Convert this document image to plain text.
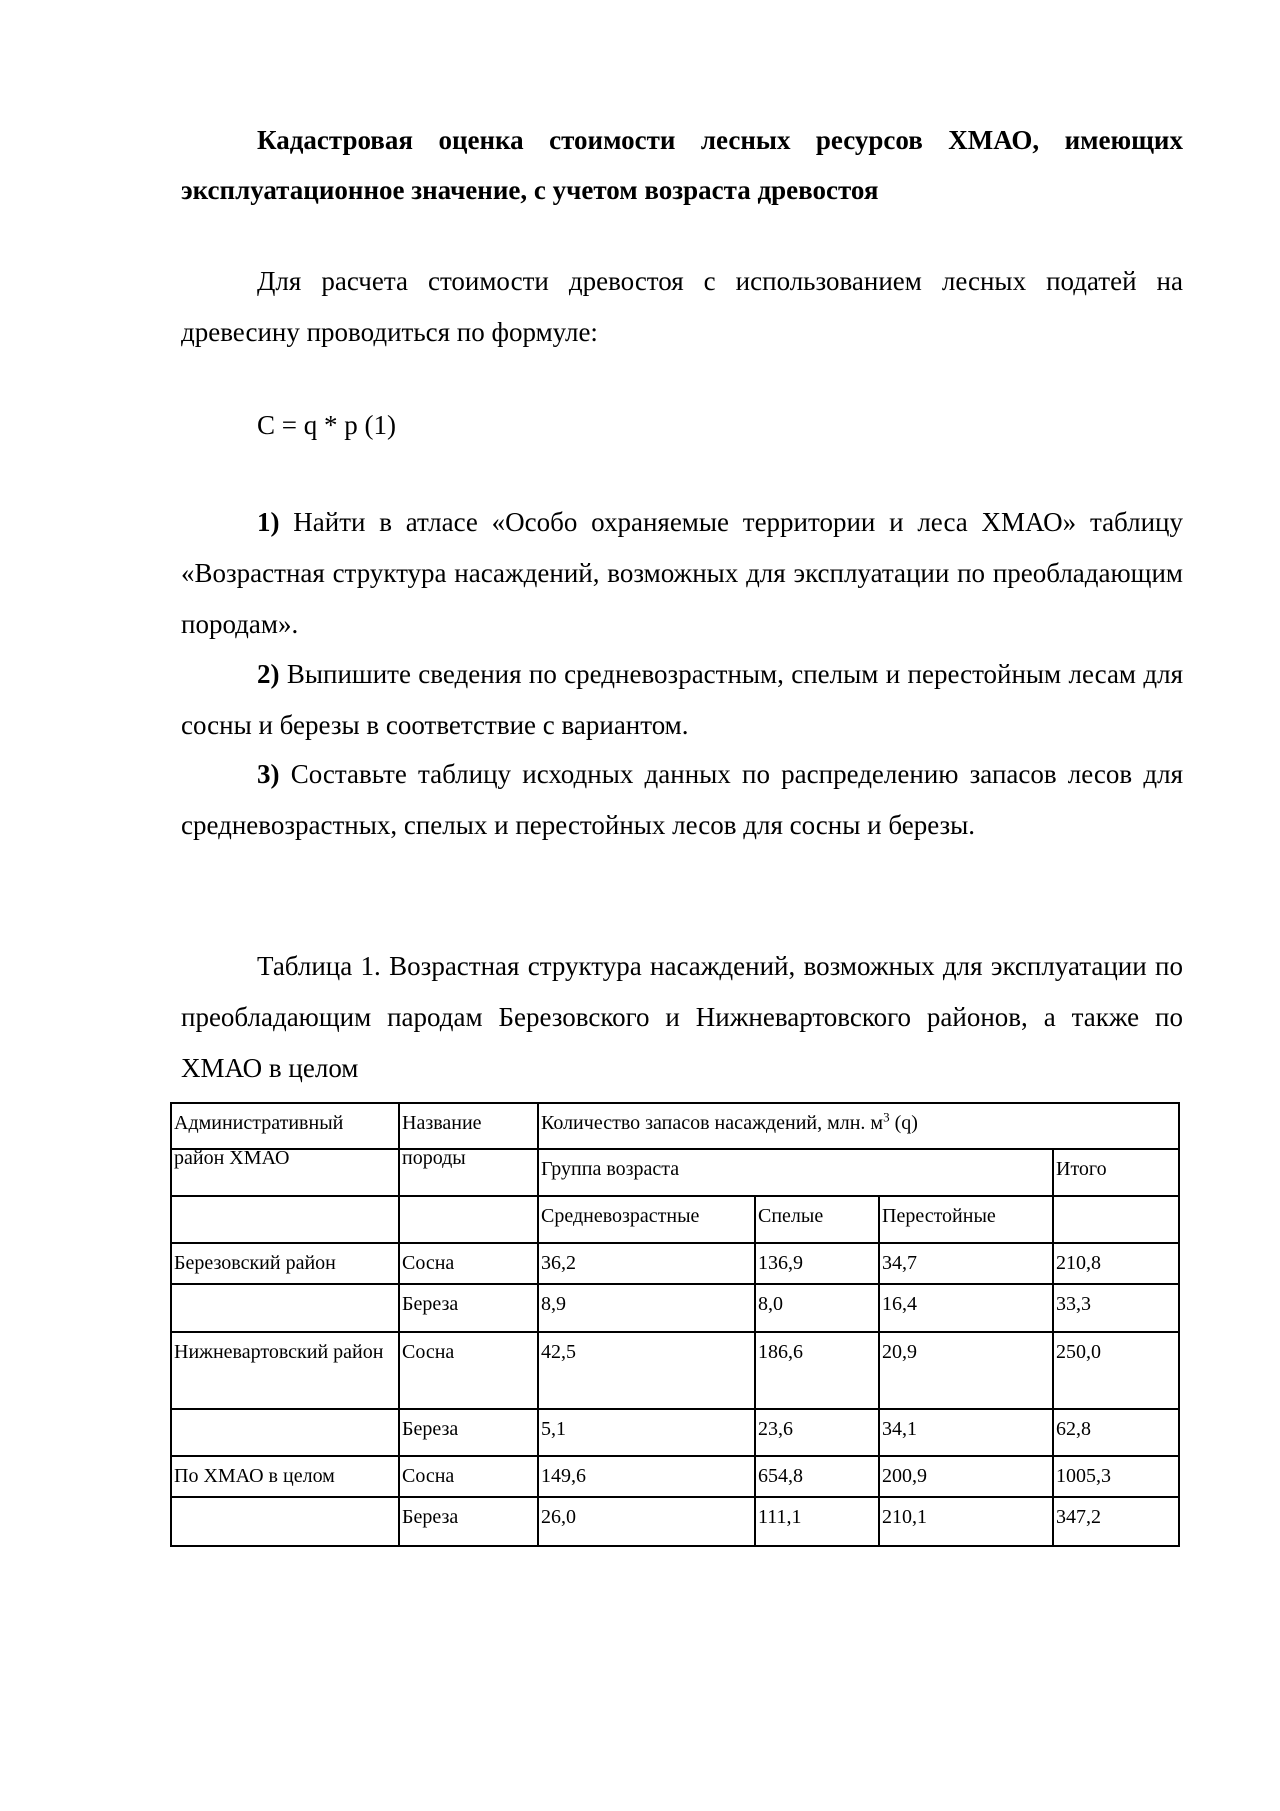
Кадастровая оценка стоимости лесных ресурсов ХМАО, имеющих эксплуатационное значение, с учетом возраста древостоя

Для расчета стоимости древостоя с использованием лесных податей на древесину проводиться по формуле:

С = q * p (1)

1) Найти в атласе «Особо охраняемые территории и леса ХМАО» таблицу «Возрастная структура насаждений, возможных для эксплуатации по преобладающим породам».

2) Выпишите сведения по средневозрастным, спелым и перестойным лесам для сосны и березы в соответствие с вариантом.

3) Составьте таблицу исходных данных по распределению запасов лесов для средневозрастных, спелых и перестойных лесов для сосны и березы.

Таблица 1. Возрастная структура насаждений, возможных для эксплуатации по преобладающим пародам Березовского и Нижневартовского районов, а также по ХМАО в целом

Административный район ХМАО	Название породы	Количество запасов насаждений, млн. $м^3$ (q)			
		Группа возраста			Итого
		Средневозрастные	Спелые	Перестойные	
Березовский район	Сосна	36,2	136,9	34,7	210,8
	Береза	8,9	8,0	16,4	33,3
Нижневартовский район	Сосна	42,5	186,6	20,9	250,0
	Береза	5,1	23,6	34,1	62,8
По ХМАО в целом	Сосна	149,6	654,8	200,9	1005,3
	Береза	26,0	111,1	210,1	347,2
